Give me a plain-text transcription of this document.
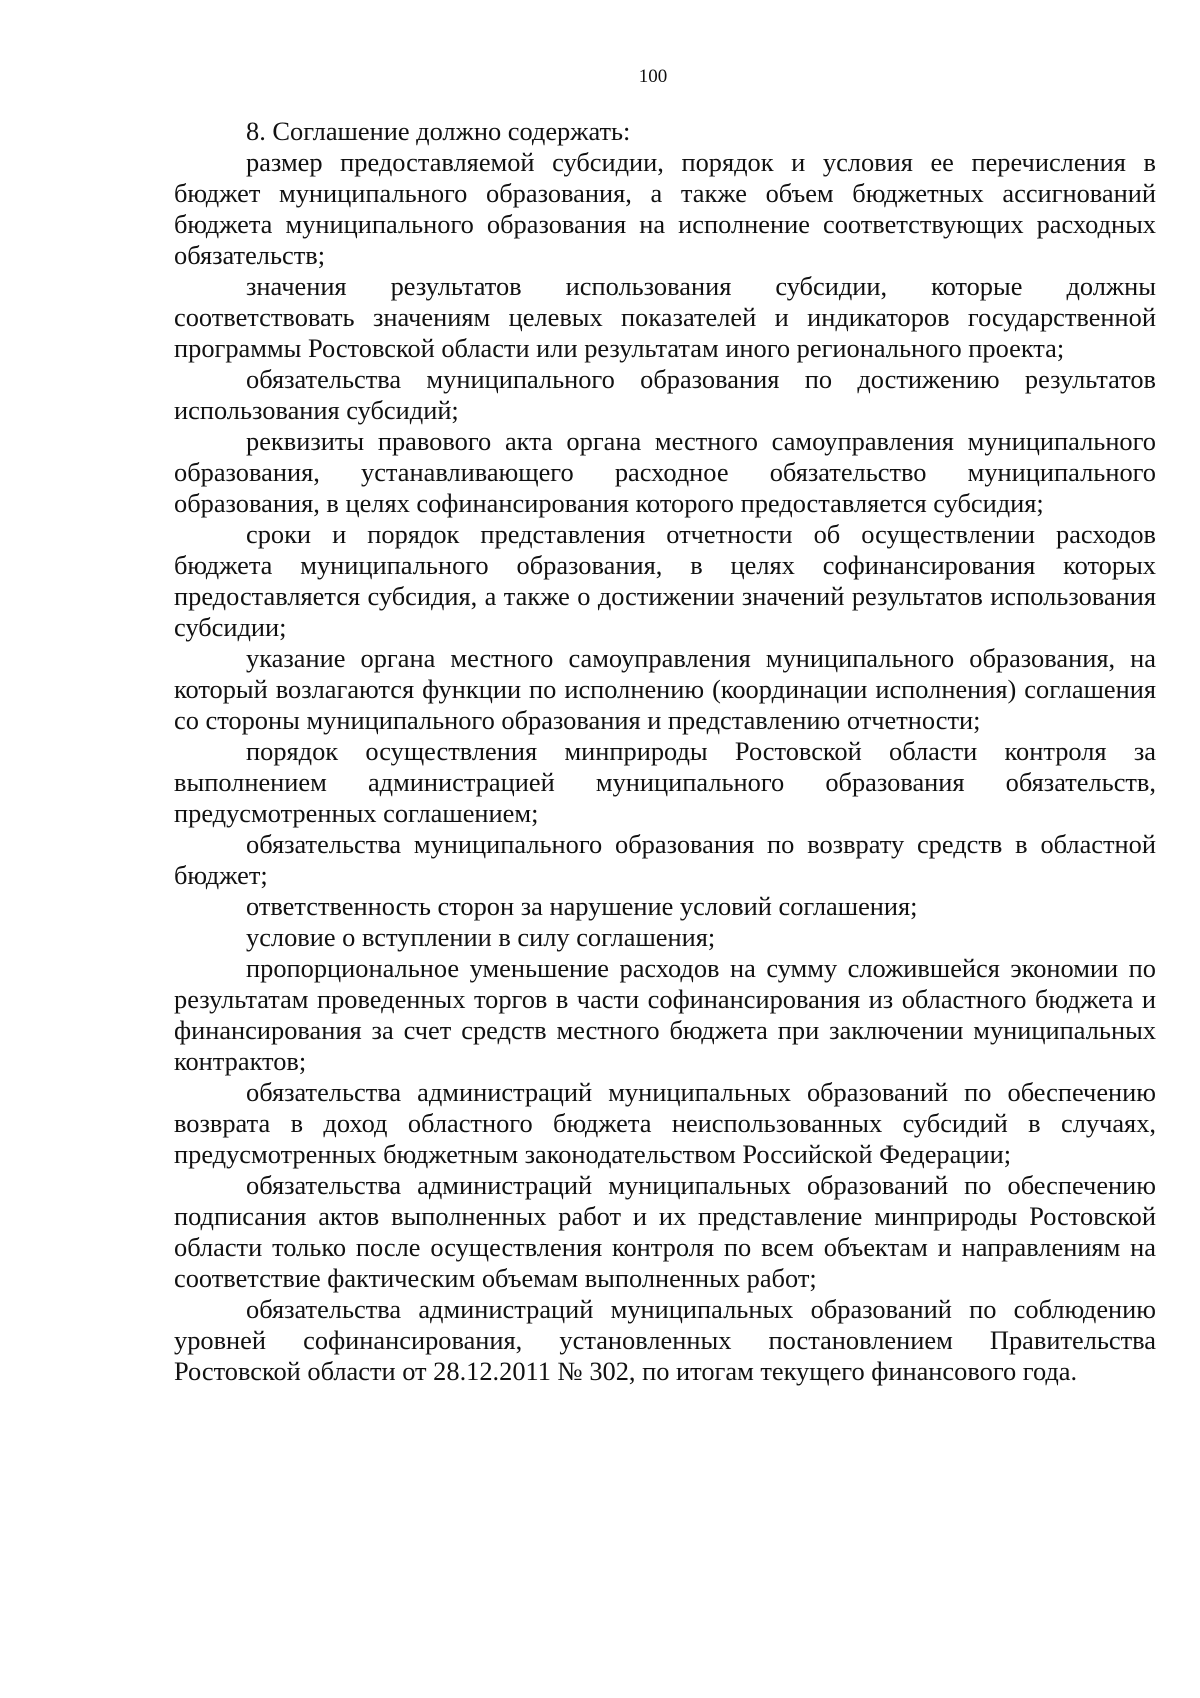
100

8. Соглашение должно содержать:

размер предоставляемой субсидии, порядок и условия ее перечисления в бюджет муниципального образования, а также объем бюджетных ассигнований бюджета муниципального образования на исполнение соответствующих расходных обязательств;

значения результатов использования субсидии, которые должны соответствовать значениям целевых показателей и индикаторов государственной программы Ростовской области или результатам иного регионального проекта;

обязательства муниципального образования по достижению результатов использования субсидий;

реквизиты правового акта органа местного самоуправления муниципального образования, устанавливающего расходное обязательство муниципального образования, в целях софинансирования которого предоставляется субсидия;

сроки и порядок представления отчетности об осуществлении расходов бюджета муниципального образования, в целях софинансирования которых предоставляется субсидия, а также о достижении значений результатов использования субсидии;

указание органа местного самоуправления муниципального образования, на который возлагаются функции по исполнению (координации исполнения) соглашения со стороны муниципального образования и представлению отчетности;

порядок осуществления минприроды Ростовской области контроля за выполнением администрацией муниципального образования обязательств, предусмотренных соглашением;

обязательства муниципального образования по возврату средств в областной бюджет;

ответственность сторон за нарушение условий соглашения;

условие о вступлении в силу соглашения;

пропорциональное уменьшение расходов на сумму сложившейся экономии по результатам проведенных торгов в части софинансирования из областного бюджета и финансирования за счет средств местного бюджета при заключении муниципальных контрактов;

обязательства администраций муниципальных образований по обеспечению возврата в доход областного бюджета неиспользованных субсидий в случаях, предусмотренных бюджетным законодательством Российской Федерации;

обязательства администраций муниципальных образований по обеспечению подписания актов выполненных работ и их представление минприроды Ростовской области только после осуществления контроля по всем объектам и направлениям на соответствие фактическим объемам выполненных работ;

обязательства администраций муниципальных образований по соблюдению уровней софинансирования, установленных постановлением Правительства Ростовской области от 28.12.2011 № 302, по итогам текущего финансового года.
